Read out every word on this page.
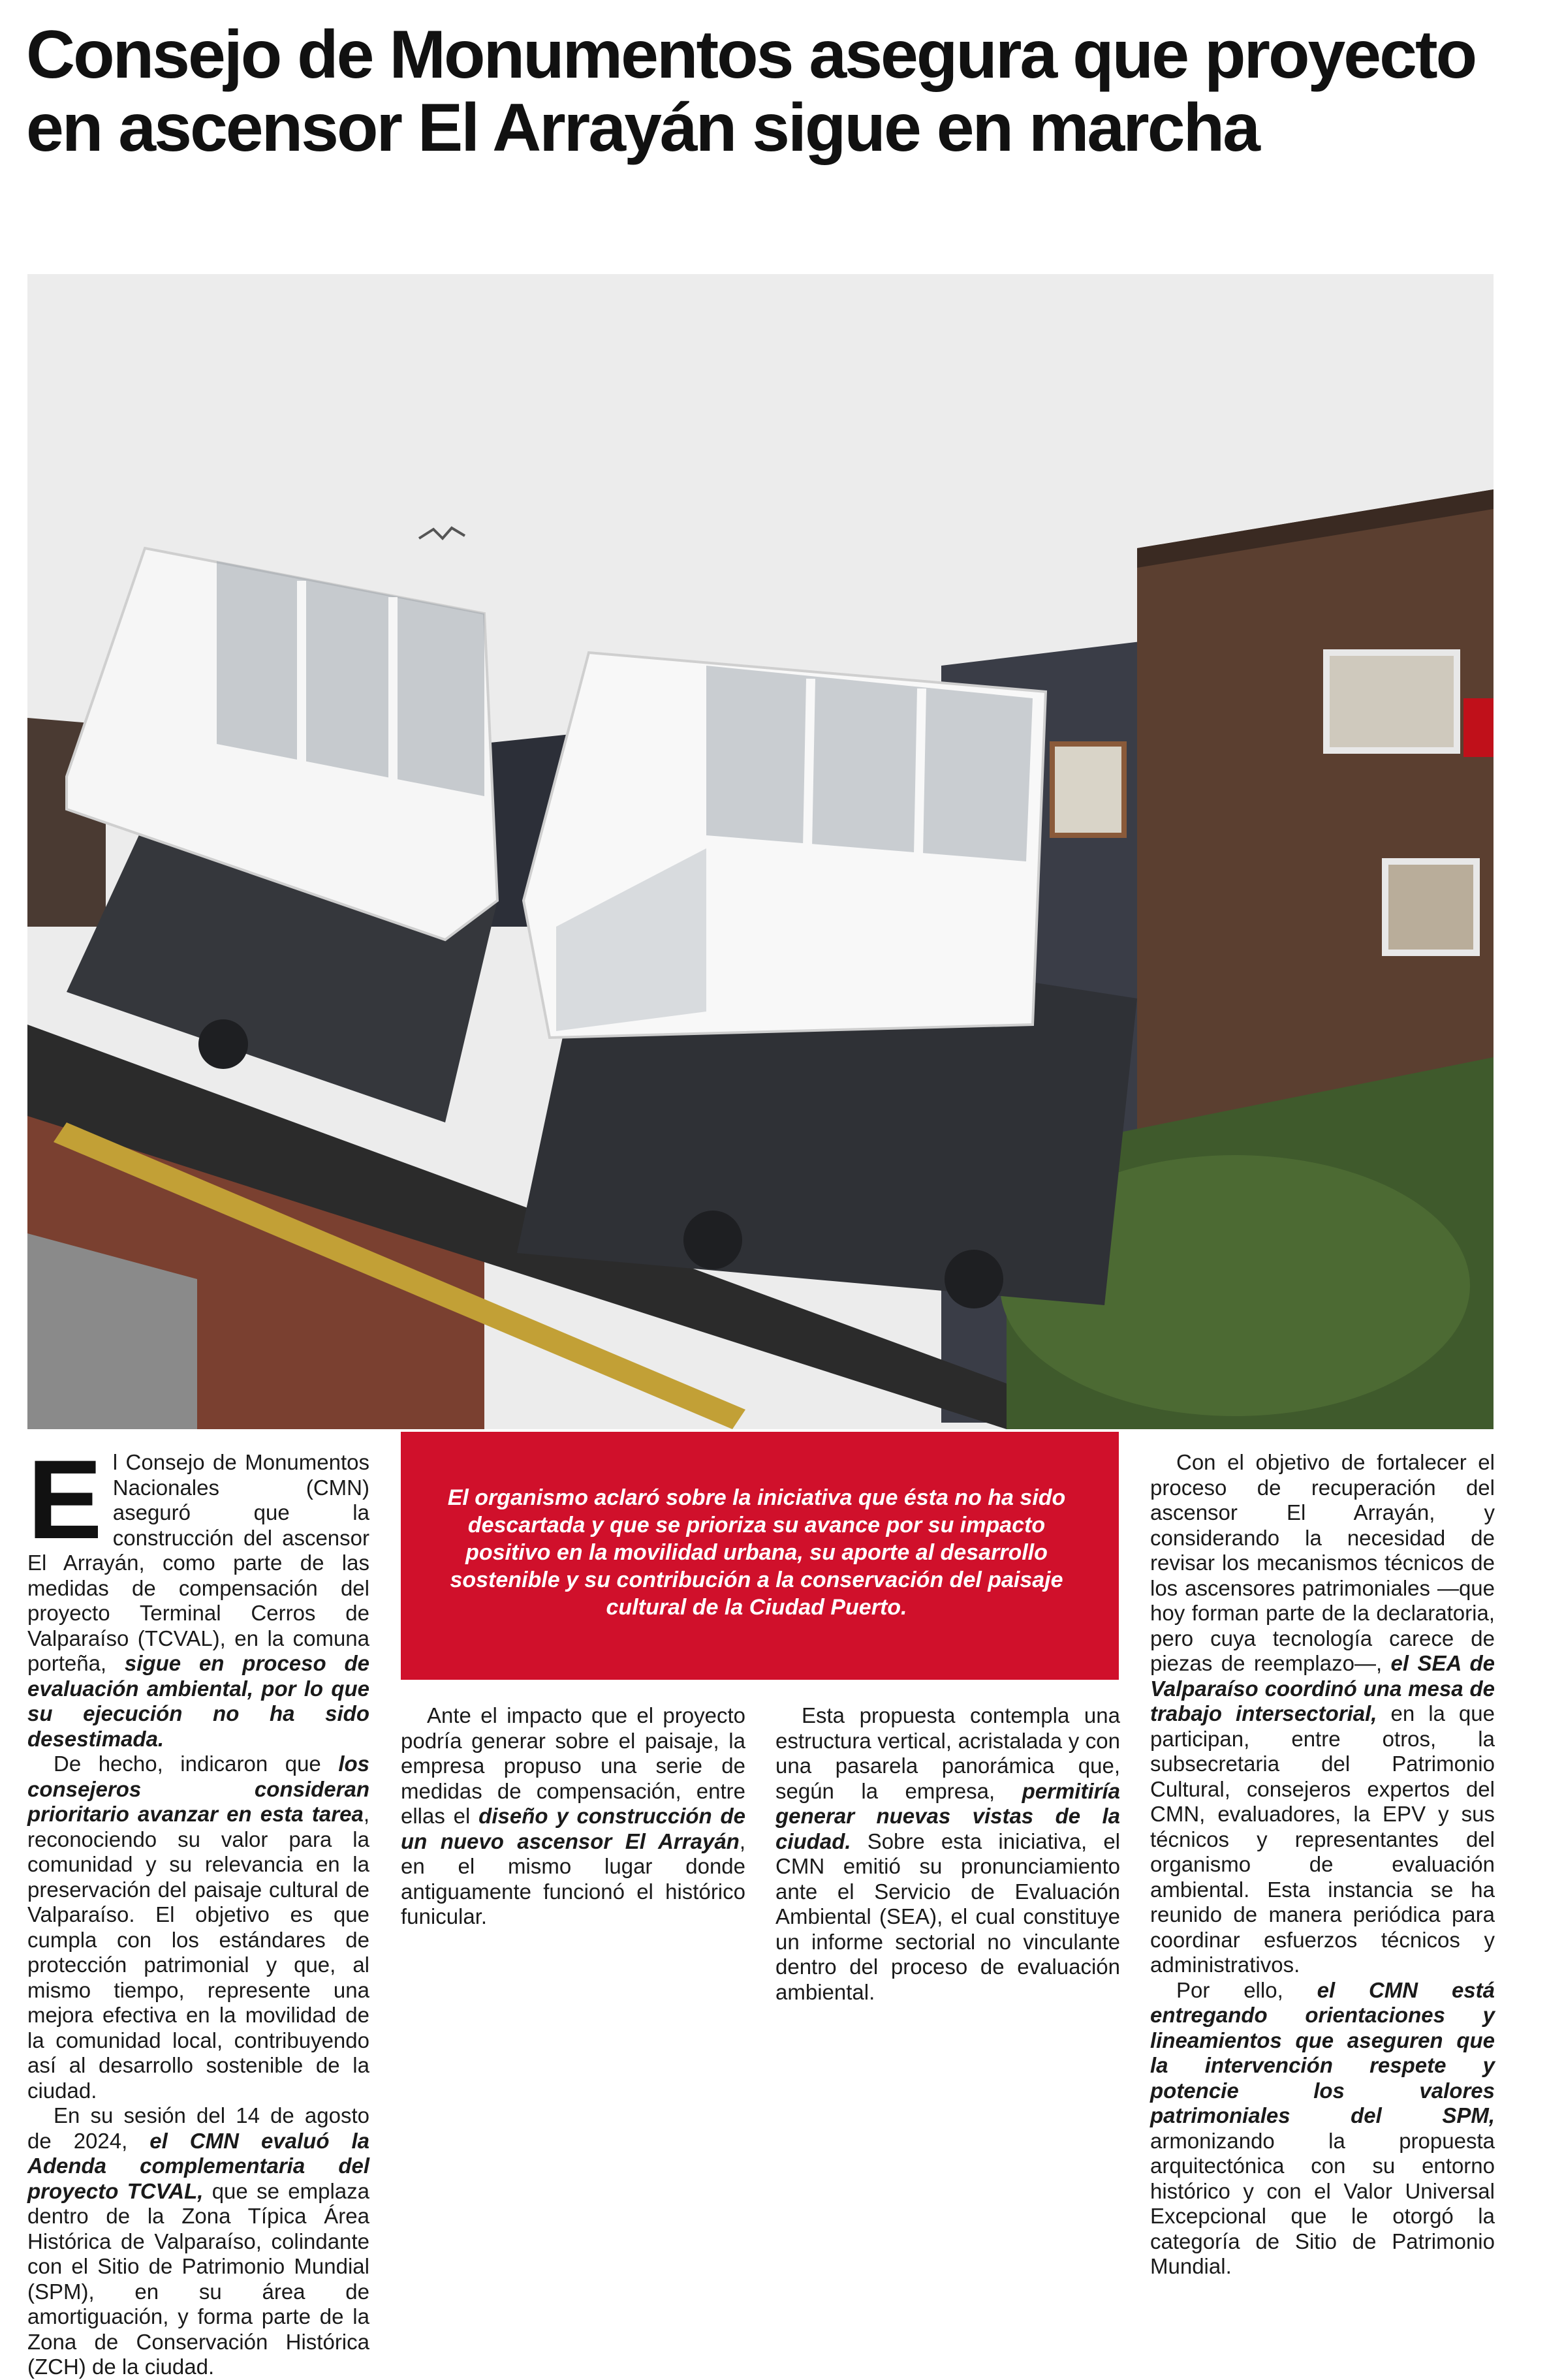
Consejo de Monumentos asegura que proyecto en ascensor El Arrayán sigue en marcha
E l Consejo de Monumentos Nacionales (CMN) aseguró que la construcción del ascensor El Arrayán, como parte de las medidas de compensación del proyecto Terminal Cerros de Valparaíso (TCVAL), en la comuna porteña, sigue en proceso de evaluación ambiental, por lo que su ejecución no ha sido desestimada.

De hecho, indicaron que los consejeros consideran prioritario avanzar en esta tarea, reconociendo su valor para la comunidad y su relevancia en la preservación del paisaje cultural de Valparaíso. El objetivo es que cumpla con los estándares de protección patrimonial y que, al mismo tiempo, represente una mejora efectiva en la movilidad de la comunidad local, contribuyendo así al desarrollo sostenible de la ciudad.

En su sesión del 14 de agosto de 2024, el CMN evaluó la Adenda complementaria del proyecto TCVAL, que se emplaza dentro de la Zona Típica Área Histórica de Valparaíso, colindante con el Sitio de Patrimonio Mundial (SPM), en su área de amortiguación, y forma parte de la Zona de Conservación Histórica (ZCH) de la ciudad.

El organismo aclaró sobre la iniciativa que ésta no ha sido descartada y que se prioriza su avance por su impacto positivo en la movilidad urbana, su aporte al desarrollo sostenible y su contribución a la conservación del paisaje cultural de la Ciudad Puerto.

Ante el impacto que el proyecto podría generar sobre el paisaje, la empresa propuso una serie de medidas de compensación, entre ellas el diseño y construcción de un nuevo ascensor El Arrayán, en el mismo lugar donde antiguamente funcionó el histórico funicular.

Esta propuesta contempla una estructura vertical, acristalada y con una pasarela panorámica que, según la empresa, permitiría generar nuevas vistas de la ciudad. Sobre esta iniciativa, el CMN emitió su pronunciamiento ante el Servicio de Evaluación Ambiental (SEA), el cual constituye un informe sectorial no vinculante dentro del proceso de evaluación ambiental.

Con el objetivo de fortalecer el proceso de recuperación del ascensor El Arrayán, y considerando la necesidad de revisar los mecanismos técnicos de los ascensores patrimoniales —que hoy forman parte de la declaratoria, pero cuya tecnología carece de piezas de reemplazo—, el SEA de Valparaíso coordinó una mesa de trabajo intersectorial, en la que participan, entre otros, la subsecretaria del Patrimonio Cultural, consejeros expertos del CMN, evaluadores, la EPV y sus técnicos y representantes del organismo de evaluación ambiental. Esta instancia se ha reunido de manera periódica para coordinar esfuerzos técnicos y administrativos.

Por ello, el CMN está entregando orientaciones y lineamientos que aseguren que la intervención respete y potencie los valores patrimoniales del SPM, armonizando la propuesta arquitectónica con su entorno histórico y con el Valor Universal Excepcional que le otorgó la categoría de Sitio de Patrimonio Mundial.
